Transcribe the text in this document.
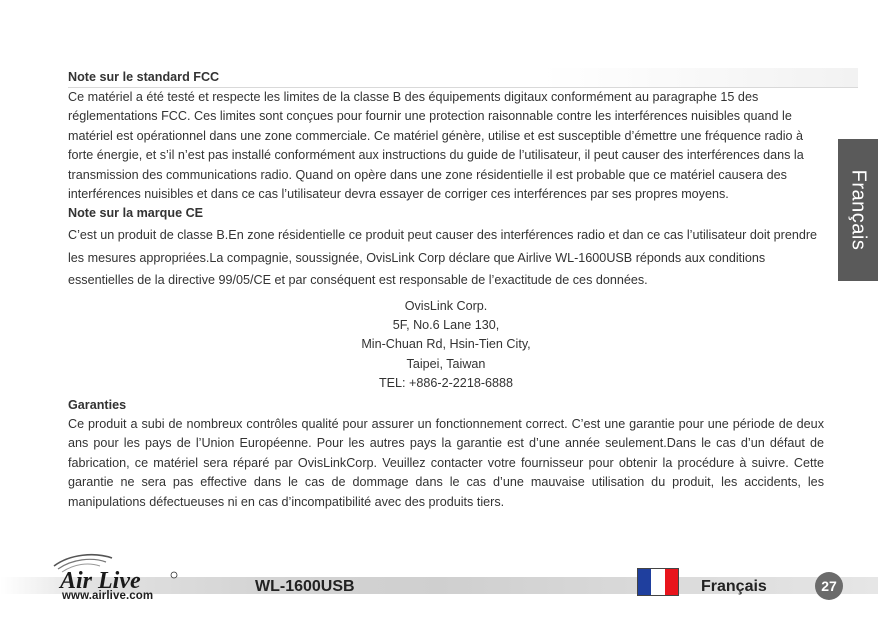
Note sur le standard FCC

Ce matériel a été testé et respecte les limites de la classe B des équipements digitaux conformément au paragraphe 15 des réglementations FCC. Ces limites sont conçues pour fournir une protection raisonnable contre les interférences nuisibles quand le matériel est opérationnel dans une zone commerciale. Ce matériel génère, utilise et est susceptible d’émettre une fréquence radio à forte énergie, et s’il n’est pas installé conformément aux instructions du guide de l’utilisateur, il peut causer des interférences dans la transmission des communications radio. Quand on opère dans une zone résidentielle il est probable que ce matériel causera des interférences nuisibles et dans ce cas l’utilisateur devra essayer de corriger ces interférences par ses propres moyens.

Note sur la marque CE

C’est un produit de classe B.En zone résidentielle ce produit peut causer des interférences radio et dan ce cas l’utilisateur doit prendre les mesures appropriées.La compagnie, soussignée, OvisLink Corp déclare que Airlive WL-1600USB réponds aux conditions essentielles de la directive 99/05/CE et par conséquent est responsable de l’exactitude de ces données.

OvisLink Corp.
5F, No.6 Lane 130,
Min-Chuan Rd, Hsin-Tien City,
Taipei, Taiwan
TEL: +886-2-2218-6888
Garanties

Ce produit a subi de nombreux contrôles qualité pour assurer un fonctionnement correct. C’est une garantie pour une période de deux ans pour les pays de l’Union Européenne. Pour les autres pays la garantie est d’une année seulement.Dans le cas d’un défaut de fabrication, ce matériel sera réparé par OvisLinkCorp. Veuillez contacter votre fournisseur pour obtenir la procédure à suivre. Cette garantie ne sera pas effective dans le cas de dommage dans le cas d’une mauvaise utilisation du produit, les accidents, les manipulations défectueuses ni en cas d’incompatibilité avec des produits tiers.

Français
Air Live
www.airlive.com
WL-1600USB	Français	27
